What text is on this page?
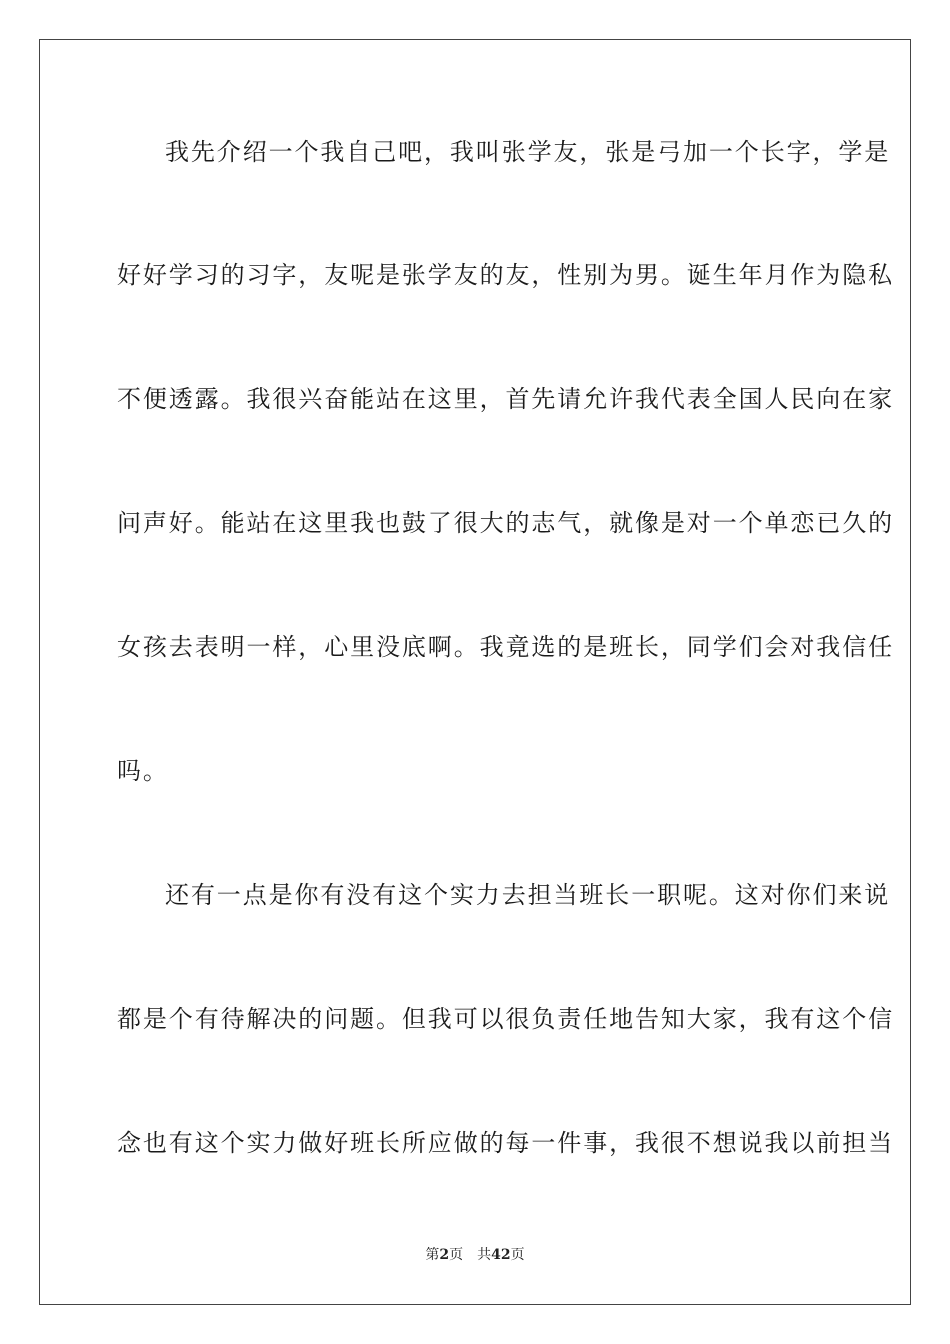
我先介绍一个我自己吧，我叫张学友，张是弓加一个长字，学是
好好学习的习字，友呢是张学友的友，性别为男。诞生年月作为隐私
不便透露。我很兴奋能站在这里，首先请允许我代表全国人民向在家
问声好。能站在这里我也鼓了很大的志气，就像是对一个单恋已久的
女孩去表明一样，心里没底啊。我竟选的是班长，同学们会对我信任
吗。
还有一点是你有没有这个实力去担当班长一职呢。这对你们来说
都是个有待解决的问题。但我可以很负责任地告知大家，我有这个信
念也有这个实力做好班长所应做的每一件事，我很不想说我以前担当
第2页 共42页
